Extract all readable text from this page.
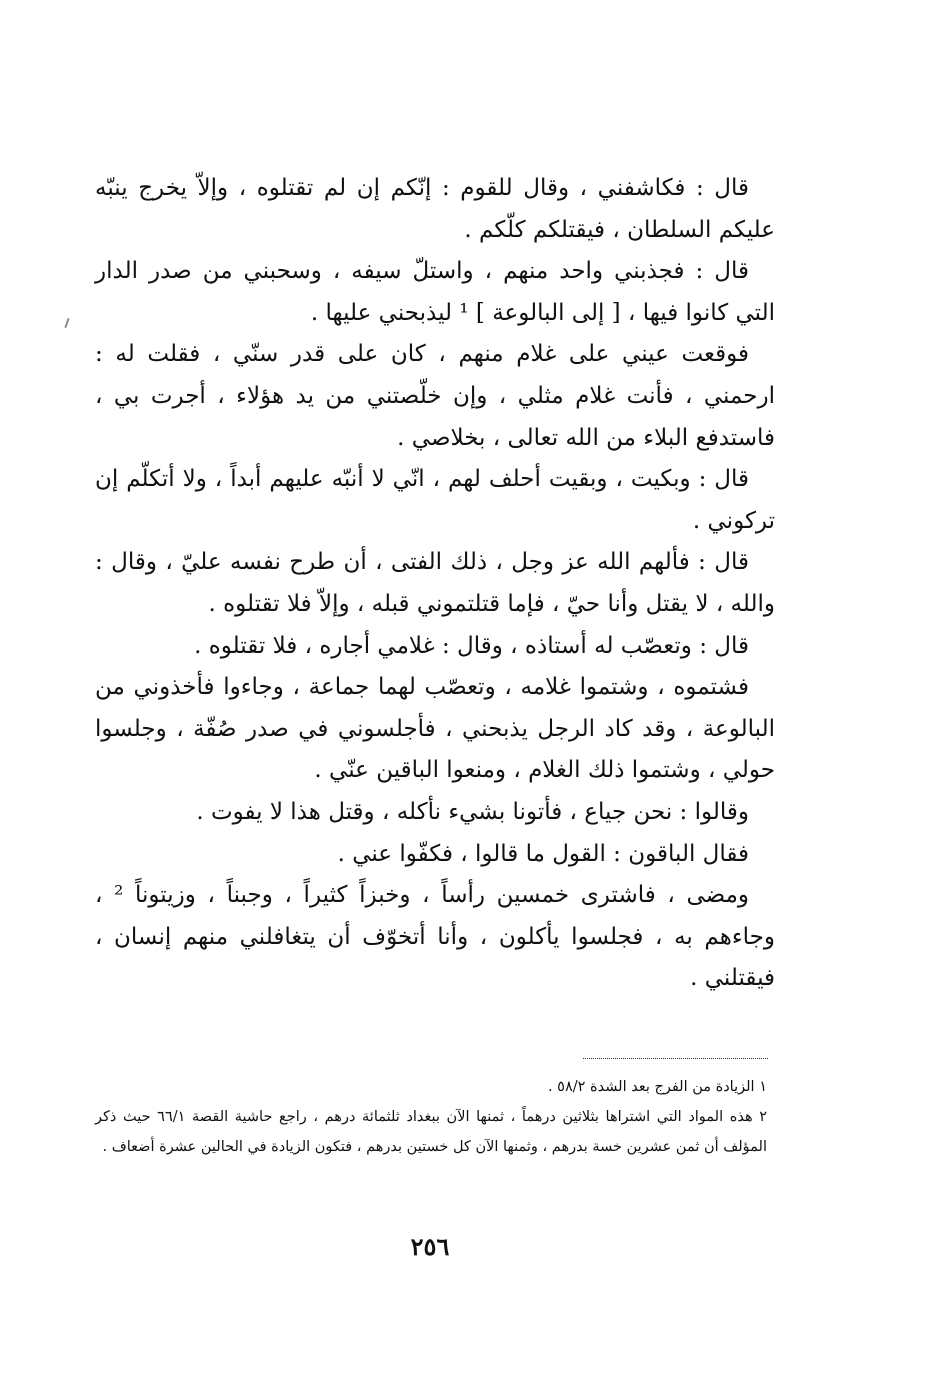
قال : فكاشفني ، وقال للقوم : إنّكم إن لم تقتلوه ، وإلاّ يخرج ينبّه عليكم السلطان ، فيقتلكم كلّكم .

قال : فجذبني واحد منهم ، واستلّ سيفه ، وسحبني من صدر الدار التي كانوا فيها ، [ إلى البالوعة ] ¹ ليذبحني عليها .

فوقعت عيني على غلام منهم ، كان على قدر سنّي ، فقلت له : ارحمني ، فأنت غلام مثلي ، وإن خلّصتني من يد هؤلاء ، أجرت بي ، فاستدفع البلاء من الله تعالى ، بخلاصي .

قال : وبكيت ، وبقيت أحلف لهم ، انّي لا أنبّه عليهم أبداً ، ولا أتكلّم إن تركوني .

قال : فألهم الله عز وجل ، ذلك الفتى ، أن طرح نفسه عليّ ، وقال : والله ، لا يقتل وأنا حيّ ، فإما قتلتموني قبله ، وإلاّ فلا تقتلوه .

قال : وتعصّب له أستاذه ، وقال : غلامي أجاره ، فلا تقتلوه .

فشتموه ، وشتموا غلامه ، وتعصّب لهما جماعة ، وجاءوا فأخذوني من البالوعة ، وقد كاد الرجل يذبحني ، فأجلسوني في صدر صُفّة ، وجلسوا حولي ، وشتموا ذلك الغلام ، ومنعوا الباقين عنّي .

وقالوا : نحن جياع ، فأتونا بشيء نأكله ، وقتل هذا لا يفوت .

فقال الباقون : القول ما قالوا ، فكفّوا عني .

ومضى ، فاشترى خمسين رأساً ، وخبزاً كثيراً ، وجبناً ، وزيتوناً ² ، وجاءهم به ، فجلسوا يأكلون ، وأنا أتخوّف أن يتغافلني منهم إنسان ، فيقتلني .

١ الزيادة من الفرج بعد الشدة ٥٨/٢ .

٢ هذه المواد التي اشتراها بثلاثين درهماً ، ثمنها الآن ببغداد ثلثمائة درهم ، راجع حاشية القصة ٦٦/١ حيث ذكر المؤلف أن ثمن عشرين خسة بدرهم ، وثمنها الآن كل خستين بدرهم ، فتكون الزيادة في الحالين عشرة أضعاف .

٢٥٦
